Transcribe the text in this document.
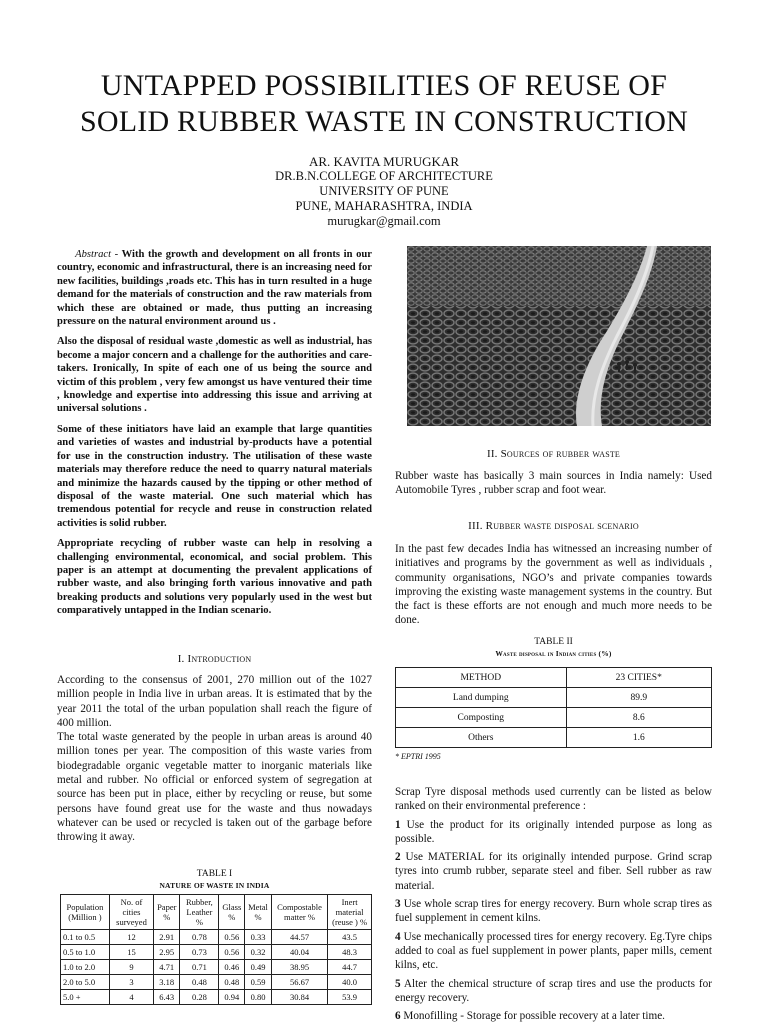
UNTAPPED POSSIBILITIES OF REUSE OF
SOLID RUBBER WASTE IN CONSTRUCTION
AR. KAVITA MURUGKAR
DR.B.N.COLLEGE OF ARCHITECTURE
UNIVERSITY OF PUNE
PUNE, MAHARASHTRA, INDIA
murugkar@gmail.com

Abstract - With the growth and development on all fronts in our country, economic and infrastructural, there is an increasing need for new facilities, buildings ,roads etc. This has in turn resulted in a huge demand for the materials of construction and the raw materials from which these are obtained or made, thus putting an increasing pressure on the natural environment around us .

Also the disposal of residual waste ,domestic as well as industrial, has become a major concern and a challenge for the authorities and care-takers. Ironically, In spite of each one of us being the source and victim of this problem , very few amongst us have ventured their time , knowledge and expertise into addressing this issue and arriving at universal solutions .

Some of these initiators have laid an example that large quantities and varieties of wastes and industrial by-products have a potential for use in the construction industry. The utilisation of these waste materials may therefore reduce the need to quarry natural materials and minimize the hazards caused by the tipping or other method of disposal of the waste material. One such material which has tremendous potential for recycle and reuse in construction related activities is solid rubber.

Appropriate recycling of rubber waste can help in resolving a challenging environmental, economical, and social problem. This paper is an attempt at documenting the prevalent applications of rubber waste, and also bringing forth various innovative and path breaking products and solutions very popularly used in the west but comparatively untapped in the Indian scenario.

I. Introduction

According to the consensus of 2001, 270 million out of the 1027 million people in India live in urban areas. It is estimated that by the year 2011 the total of the urban population shall reach the figure of 400 million.

The total waste generated by the people in urban areas is around 40 million tones per year. The composition of this waste varies from biodegradable organic vegetable matter to inorganic materials like metal and rubber. No official or enforced system of segregation at source has been put in place, either by recycling or reuse, but some persons have found great use for the waste and thus nowadays whatever can be used or recycled is taken out of the garbage before throwing it away.

TABLE I
NATURE OF WASTE IN INDIA
Population (Million )	No. of cities surveyed	Paper %	Rubber, Leather %	Glass %	Metal %	Compostable matter %	Inert material (reuse ) %
0.1 to 0.5	12	2.91	0.78	0.56	0.33	44.57	43.5
0.5 to 1.0	15	2.95	0.73	0.56	0.32	40.04	48.3
1.0 to 2.0	9	4.71	0.71	0.46	0.49	38.95	44.7
2.0 to 5.0	3	3.18	0.48	0.48	0.59	56.67	40.0
5.0 +	4	6.43	0.28	0.94	0.80	30.84	53.9
II. Sources of rubber waste
Rubber waste has basically 3 main sources in India namely: Used Automobile Tyres , rubber scrap and foot wear.
III. Rubber waste disposal scenario
In the past few decades India has witnessed an increasing number of initiatives and programs by the government as well as individuals , community organisations, NGO’s and private companies towards improving the existing waste management systems in the country. But the fact is these efforts are not enough and much more needs to be done.
TABLE II
Waste disposal in Indian cities (%)
METHOD	23 CITIES*
Land dumping	89.9
Composting	8.6
Others	1.6
* EPTRI 1995

Scrap Tyre disposal methods used currently can be listed as below ranked on their environmental preference :

1 Use the product for its originally intended purpose as long as possible.

2 Use MATERIAL for its originally intended purpose. Grind scrap tyres into crumb rubber, separate steel and fiber. Sell rubber as raw material.

3 Use whole scrap tires for energy recovery. Burn whole scrap tires as fuel supplement in cement kilns.

4 Use mechanically processed tires for energy recovery. Eg.Tyre chips added to coal as fuel supplement in power plants, paper mills, cement kilns, etc.

5 Alter the chemical structure of scrap tires and use the products for energy recovery.

6 Monofilling - Storage for possible recovery at a later time.
